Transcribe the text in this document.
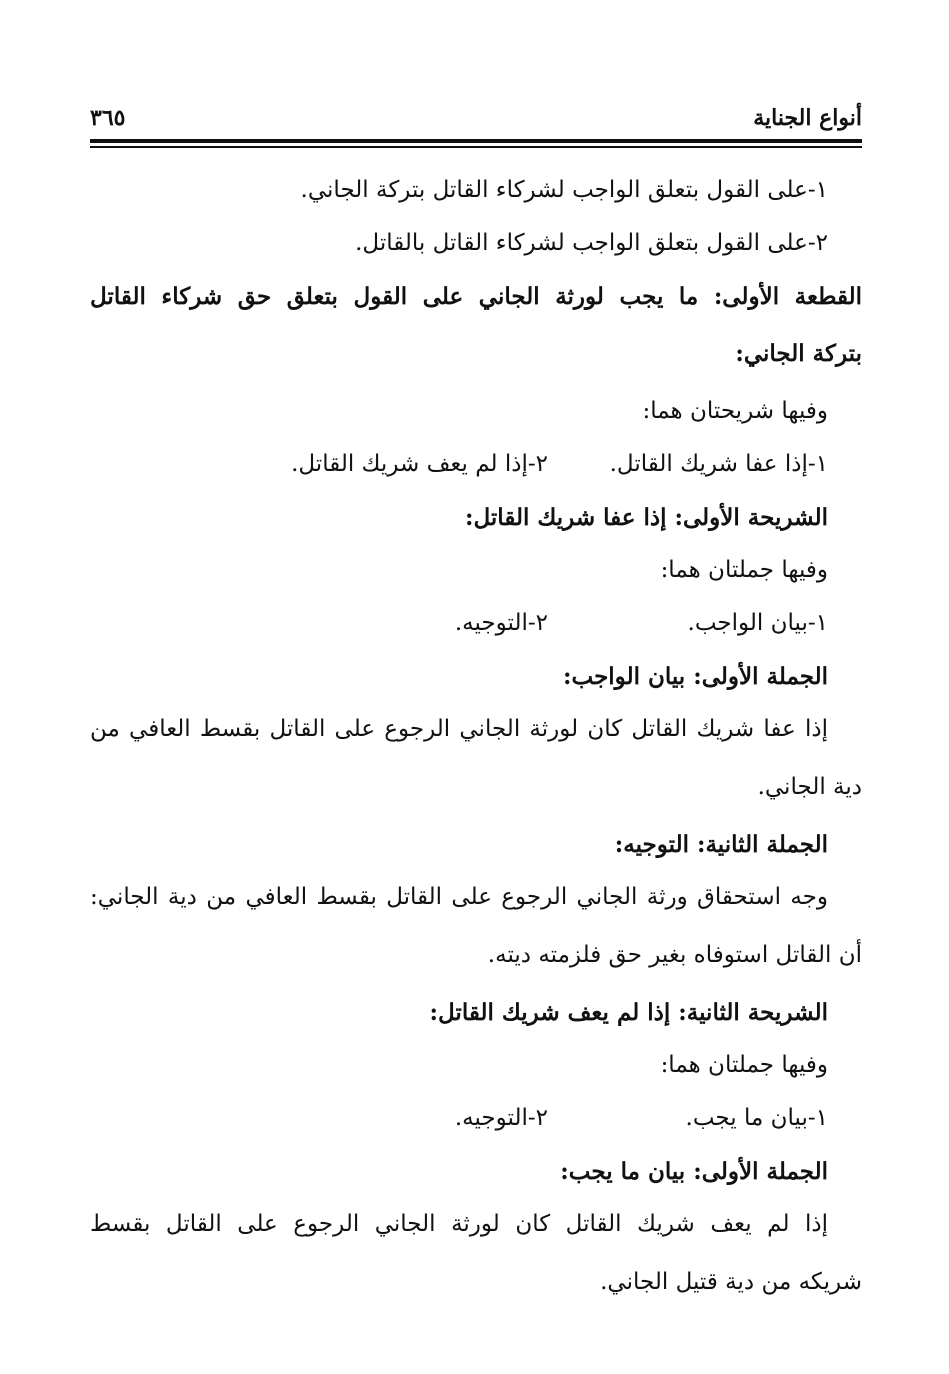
أنواع الجناية
٣٦٥
١-على القول بتعلق الواجب لشركاء القاتل بتركة الجاني.
٢-على القول بتعلق الواجب لشركاء القاتل بالقاتل.
القطعة الأولى: ما يجب لورثة الجاني على القول بتعلق حق شركاء القاتل
بتركة الجاني:
وفيها شريحتان هما:
١-إذا عفا شريك القاتل.
٢-إذا لم يعف شريك القاتل.
الشريحة الأولى: إذا عفا شريك القاتل:
وفيها جملتان هما:
١-بيان الواجب.
٢-التوجيه.
الجملة الأولى: بيان الواجب:
إذا عفا شريك القاتل كان لورثة الجاني الرجوع على القاتل بقسط العافي من
دية الجاني.
الجملة الثانية: التوجيه:
وجه استحقاق ورثة الجاني الرجوع على القاتل بقسط العافي من دية الجاني:
أن القاتل استوفاه بغير حق فلزمته ديته.
الشريحة الثانية: إذا لم يعف شريك القاتل:
وفيها جملتان هما:
١-بيان ما يجب.
٢-التوجيه.
الجملة الأولى: بيان ما يجب:
إذا لم يعف شريك القاتل كان لورثة الجاني الرجوع على القاتل بقسط
شريكه من دية قتيل الجاني.
